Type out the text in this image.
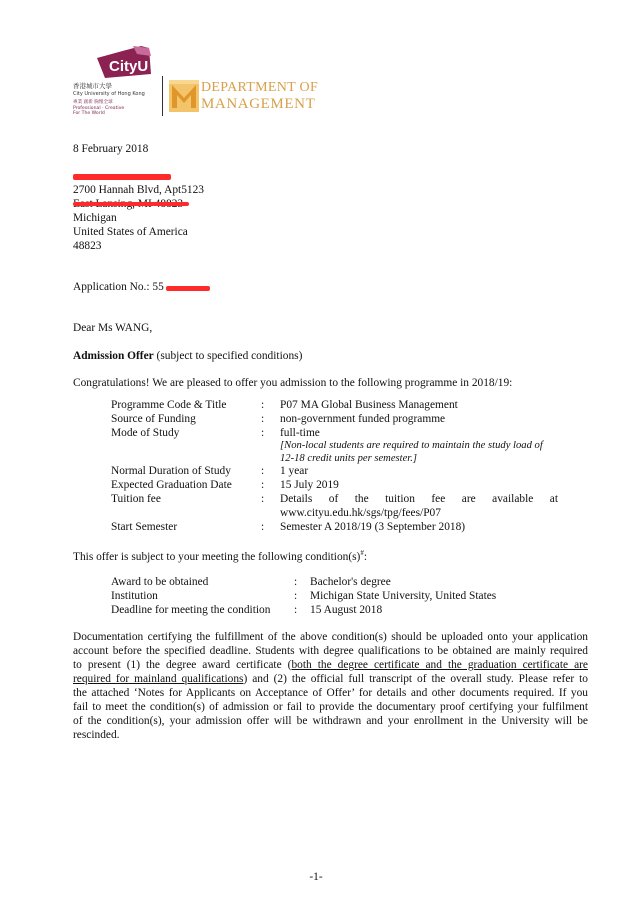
CityU
香港城市大學
City University of Hong Kong
專業 創新 胸懷全球
Professional · Creative
For The World
DEPARTMENT OF
MANAGEMENT
8 February 2018
2700 Hannah Blvd, Apt5123
Michigan
United States of America
48823
Application No.: 55
Dear Ms WANG,
Admission Offer (subject to specified conditions)
Congratulations! We are pleased to offer you admission to the following programme in 2018/19:
Programme Code & Title	: P07 MA Global Business Management
Source of Funding	: non-government funded programme
Mode of Study	: full-time
[Non-local students are required to maintain the study load of
12-18 credit units per semester.]
Normal Duration of Study	: 1 year
Expected Graduation Date	: 15 July 2019
Tuition fee	: Details of the tuition fee are available at
www.cityu.edu.hk/sgs/tpg/fees/P07
Start Semester	: Semester A 2018/19 (3 September 2018)
This offer is subject to your meeting the following condition(s)#:
Award to be obtained	: Bachelor's degree
Institution	: Michigan State University, United States
Deadline for meeting the condition : 15 August 2018
Documentation certifying the fulfillment of the above condition(s) should be uploaded onto your application
account before the specified deadline. Students with degree qualifications to be obtained are mainly required
to present (1) the degree award certificate (both the degree certificate and the graduation certificate are
required for mainland qualifications) and (2) the official full transcript of the overall study. Please refer to
the attached ‘Notes for Applicants on Acceptance of Offer’ for details and other documents required. If you
fail to meet the condition(s) of admission or fail to provide the documentary proof certifying your fulfilment
of the condition(s), your admission offer will be withdrawn and your enrollment in the University will be
rescinded.
-1-
